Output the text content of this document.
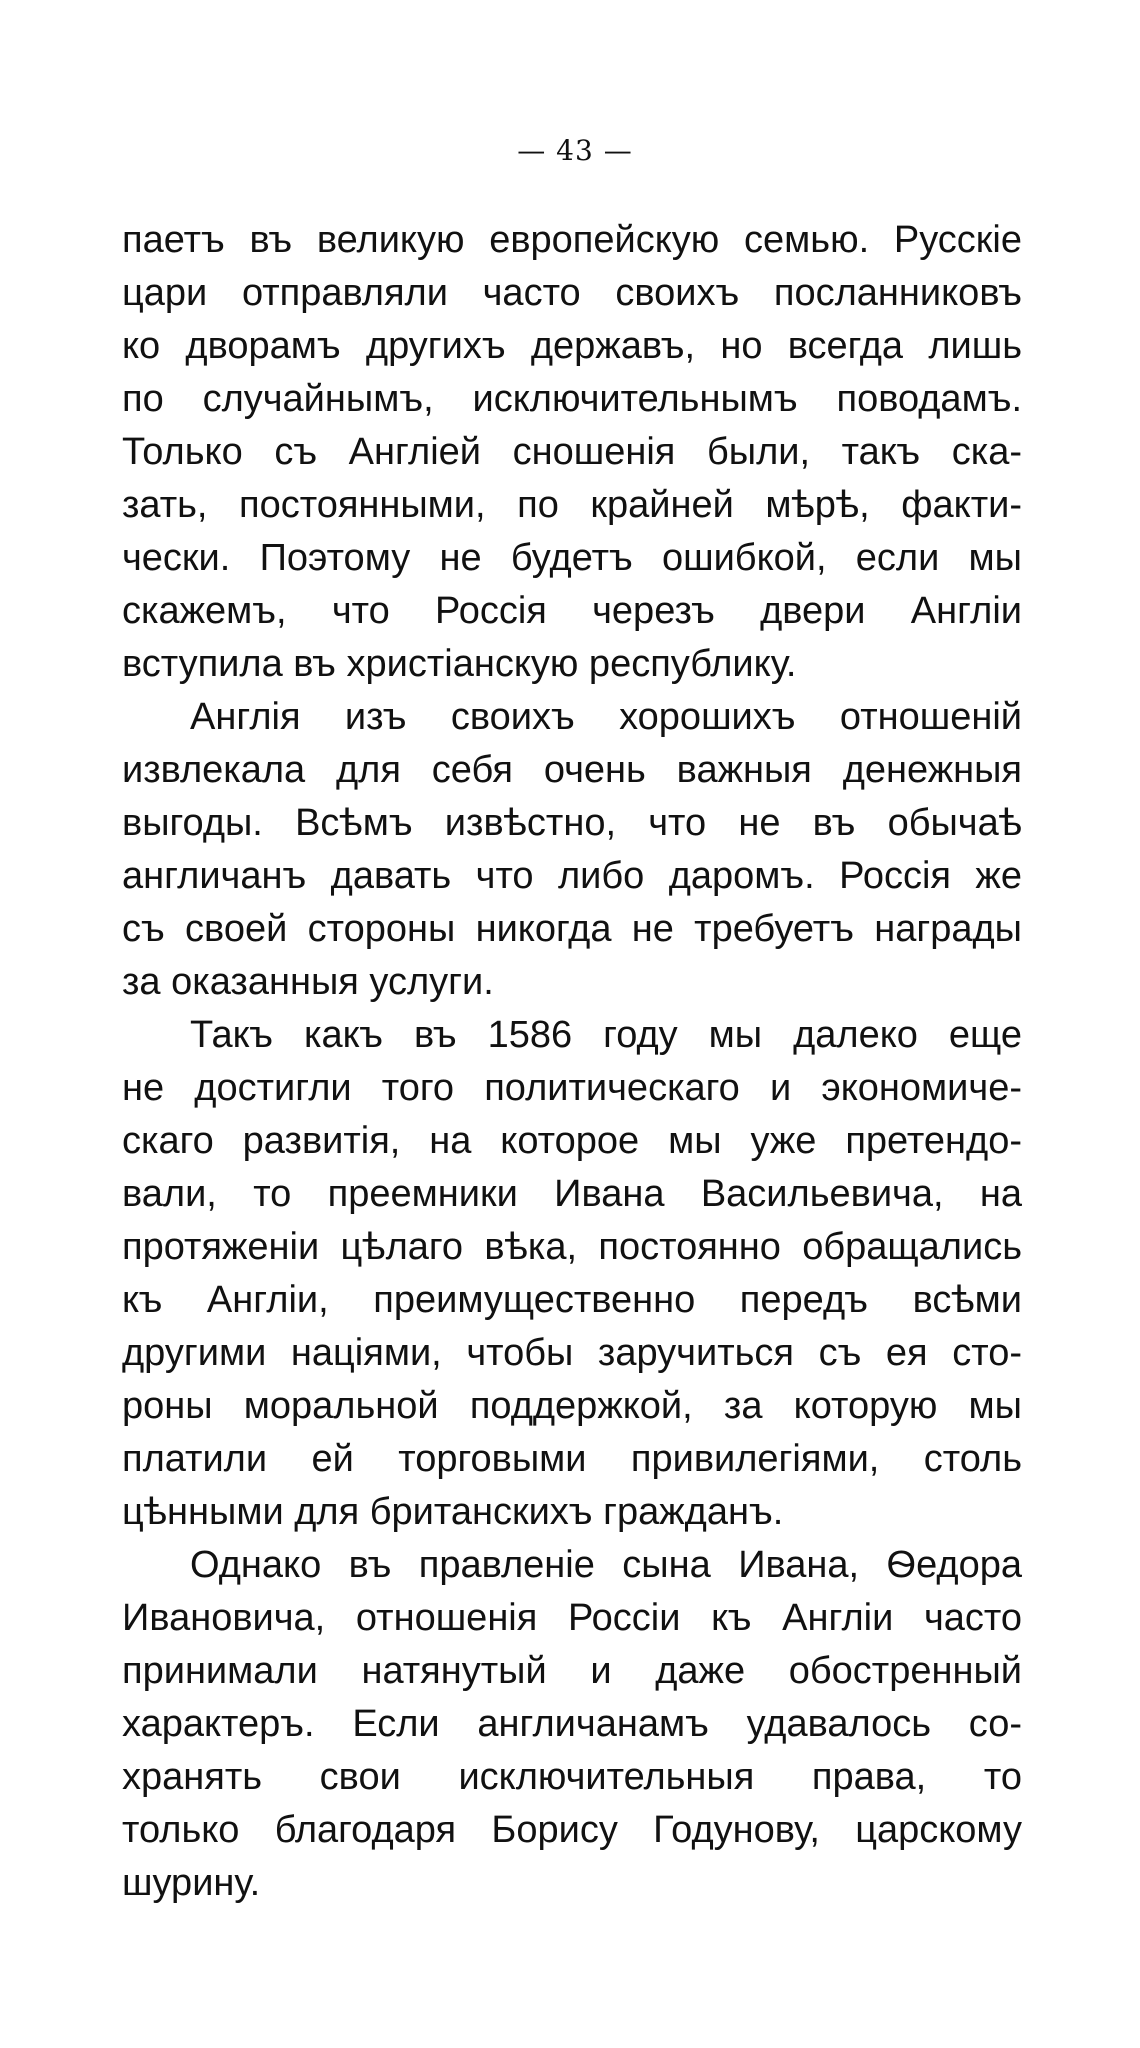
— 43 —
паетъ въ великую европейскую семью. Русскіе
цари отправляли часто своихъ посланниковъ
ко дворамъ другихъ державъ, но всегда лишь
по случайнымъ, исключительнымъ поводамъ.
Только съ Англіей сношенія были, такъ ска-
зать, постоянными, по крайней мѣрѣ, факти-
чески. Поэтому не будетъ ошибкой, если мы
скажемъ, что Россія черезъ двери Англіи
вступила въ христіанскую республику.
Англія изъ своихъ хорошихъ отношеній
извлекала для себя очень важныя денежныя
выгоды. Всѣмъ извѣстно, что не въ обычаѣ
англичанъ давать что либо даромъ. Россія же
съ своей стороны никогда не требуетъ награды
за оказанныя услуги.
Такъ какъ въ 1586 году мы далеко еще
не достигли того политическаго и экономиче-
скаго развитія, на которое мы уже претендо-
вали, то преемники Ивана Васильевича, на
протяженіи цѣлаго вѣка, постоянно обращались
къ Англіи, преимущественно передъ всѣми
другими націями, чтобы заручиться съ ея сто-
роны моральной поддержкой, за которую мы
платили ей торговыми привилегіями, столь
цѣнными для британскихъ гражданъ.
Однако въ правленіе сына Ивана, Ѳедора
Ивановича, отношенія Россіи къ Англіи часто
принимали натянутый и даже обостренный
характеръ. Если англичанамъ удавалось со-
хранять свои исключительныя права, то
только благодаря Борису Годунову, царскому
шурину.
